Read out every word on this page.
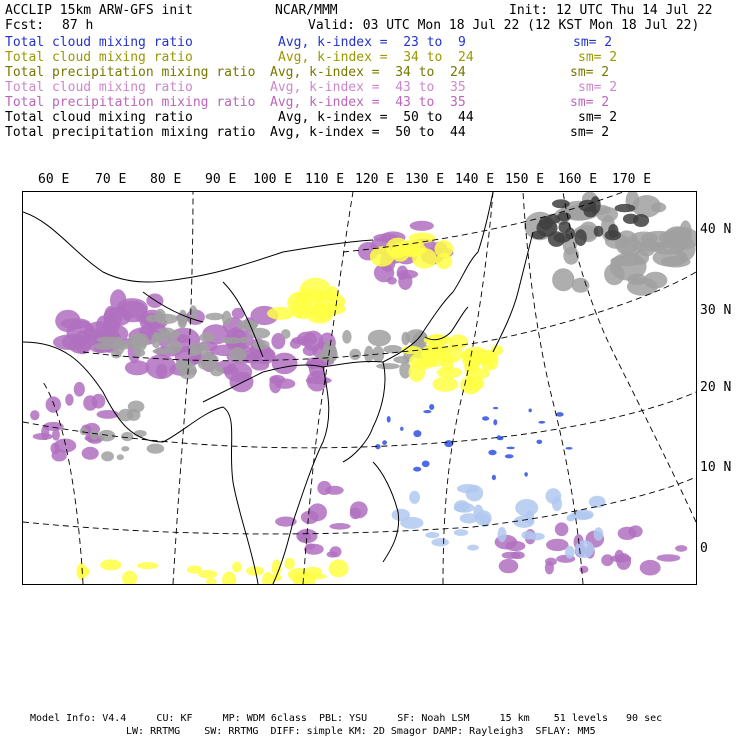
ACCLIP 15km ARW-GFS init	NCAR/MMM	Init: 12 UTC Thu 14 Jul 22
Fcst: 87 h	Valid: 03 UTC Mon 18 Jul 22 (12 KST Mon 18 Jul 22)
Total cloud mixing ratio	Avg, k-index =  23 to  9	sm= 2
Total cloud mixing ratio	Avg, k-index =  34 to  24	sm= 2
Total precipitation mixing ratio Avg, k-index =  34 to  24	sm= 2
Total cloud mixing ratio	Avg, k-index =  43 to  35	sm= 2
Total precipitation mixing ratio Avg, k-index =  43 to  35	sm= 2
Total cloud mixing ratio	Avg, k-index =  50 to  44	sm= 2
Total precipitation mixing ratio Avg, k-index =  50 to  44	sm= 2
60 E 70 E 80 E 90 E 100 E 110 E 120 E 130 E 140 E 150 E 160 E 170 E
40 N
30 N
20 N
10 N
0
Model Info: V4.4     CU: KF     MP: WDM 6class  PBL: YSU     SF: Noah LSM     15 km    51 levels   90 sec
LW: RRTMG    SW: RRTMG  DIFF: simple KM: 2D Smagor DAMP: Rayleigh3  SFLAY: MM5
